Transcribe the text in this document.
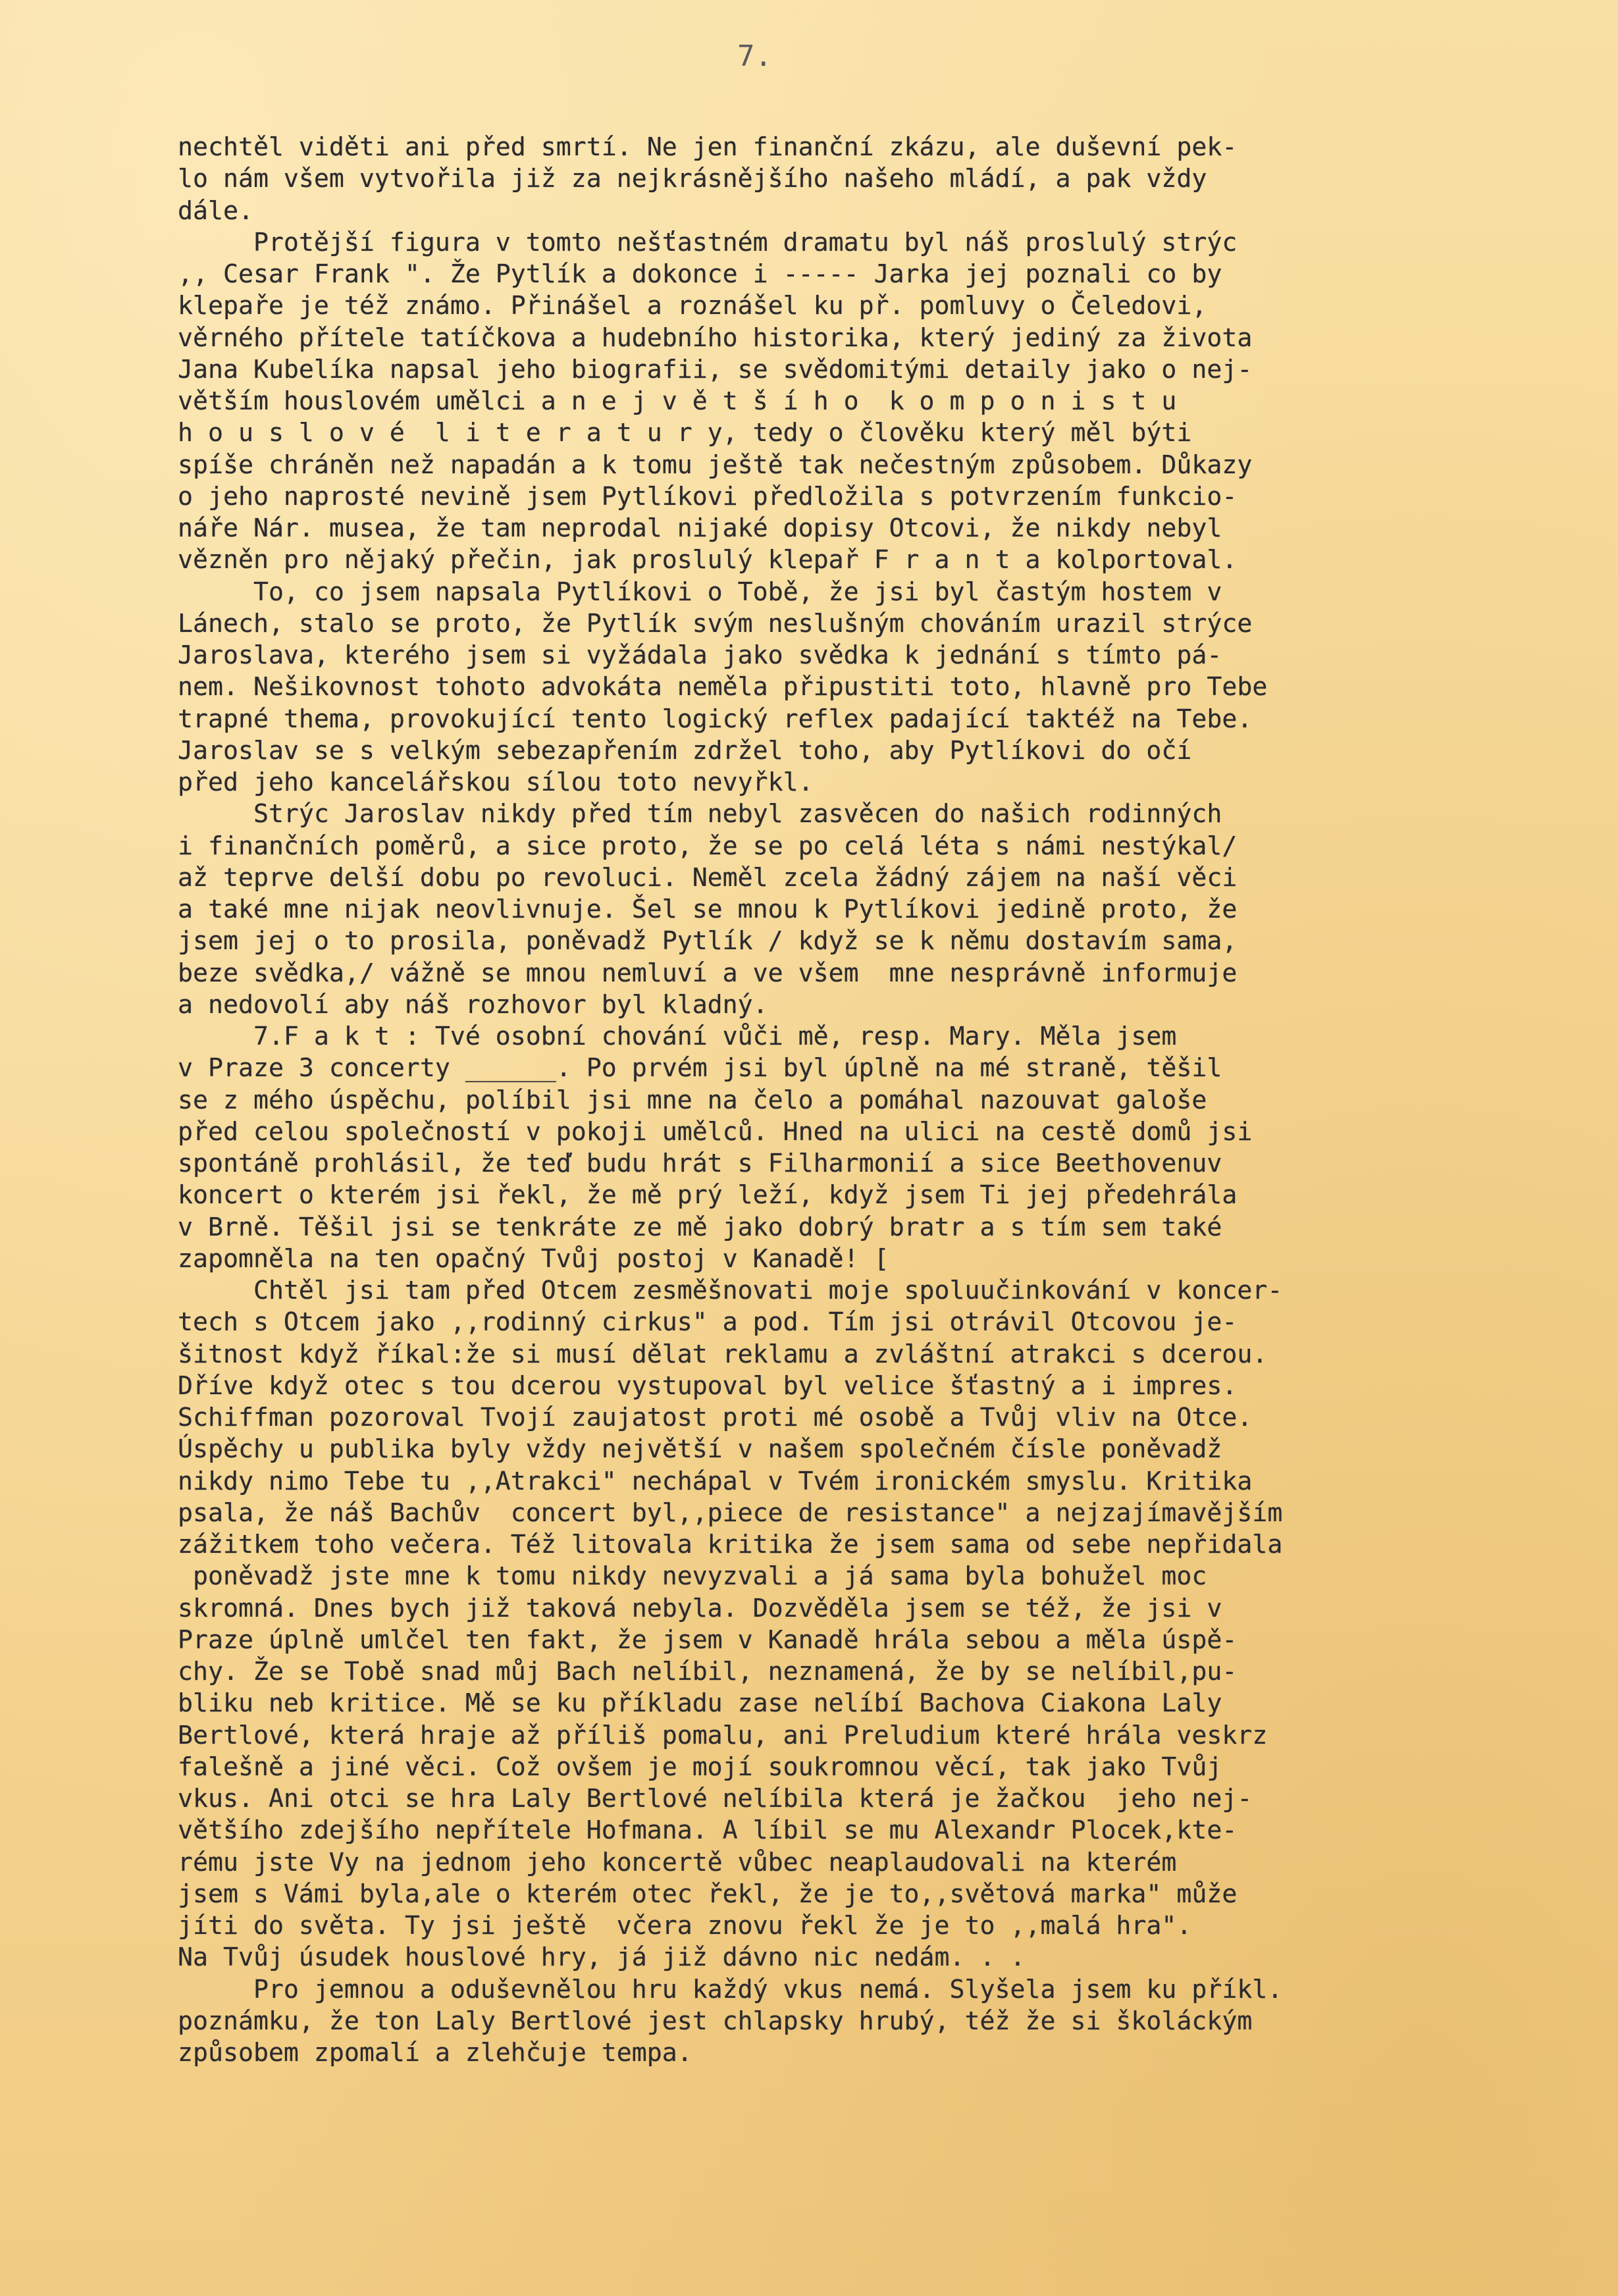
7.
nechtěl viděti ani před smrtí. Ne jen finanční zkázu, ale duševní pek-
lo nám všem vytvořila již za nejkrásnějšího našeho mládí, a pak vždy
dále.
Protější figura v tomto nešťastném dramatu byl náš proslulý strýc
,, Cesar Frank ". Že Pytlík a dokonce i ----- Jarka jej poznali co by
klepaře je též známo. Přinášel a roznášel ku př. pomluvy o Čeledovi,
věrného přítele tatíčkova a hudebního historika, který jediný za života
Jana Kubelíka napsal jeho biografii, se svědomitými detaily jako o nej-
větším houslovém umělci a n e j v ě t š í h o  k o m p o n i s t u
h o u s l o v é  l i t e r a t u r y, tedy o člověku který měl býti
spíše chráněn než napadán a k tomu ještě tak nečestným způsobem. Důkazy
o jeho naprosté nevině jsem Pytlíkovi předložila s potvrzením funkcio-
náře Nár. musea, že tam neprodal nijaké dopisy Otcovi, že nikdy nebyl
vězněn pro nějaký přečin, jak proslulý klepař F r a n t a kolportoval.
To, co jsem napsala Pytlíkovi o Tobě, že jsi byl častým hostem v
Lánech, stalo se proto, že Pytlík svým neslušným chováním urazil strýce
Jaroslava, kterého jsem si vyžádala jako svědka k jednání s tímto pá-
nem. Nešikovnost tohoto advokáta neměla připustiti toto, hlavně pro Tebe
trapné thema, provokující tento logický reflex padající taktéž na Tebe.
Jaroslav se s velkým sebezapřením zdržel toho, aby Pytlíkovi do očí
před jeho kancelářskou sílou toto nevyřkl.
Strýc Jaroslav nikdy před tím nebyl zasvěcen do našich rodinných
i finančních poměrů, a sice proto, že se po celá léta s námi nestýkal/
až teprve delší dobu po revoluci. Neměl zcela žádný zájem na naší věci
a také mne nijak neovlivnuje. Šel se mnou k Pytlíkovi jedině proto, že
jsem jej o to prosila, poněvadž Pytlík / když se k němu dostavím sama,
beze svědka,/ vážně se mnou nemluví a ve všem  mne nesprávně informuje
a nedovolí aby náš rozhovor byl kladný.
7.F a k t : Tvé osobní chování vůči mě, resp. Mary. Měla jsem
v Praze 3 concerty ______. Po prvém jsi byl úplně na mé straně, těšil
se z mého úspěchu, políbil jsi mne na čelo a pomáhal nazouvat galoše
před celou společností v pokoji umělců. Hned na ulici na cestě domů jsi
spontáně prohlásil, že teď budu hrát s Filharmonií a sice Beethovenuv
koncert o kterém jsi řekl, že mě prý leží, když jsem Ti jej předehrála
v Brně. Těšil jsi se tenkráte ze mě jako dobrý bratr a s tím sem také
zapomněla na ten opačný Tvůj postoj v Kanadě! [
Chtěl jsi tam před Otcem zesměšnovati moje spoluučinkování v koncer-
tech s Otcem jako ,,rodinný cirkus" a pod. Tím jsi otrávil Otcovou je-
šitnost když říkal:že si musí dělat reklamu a zvláštní atrakci s dcerou.
Dříve když otec s tou dcerou vystupoval byl velice šťastný a i impres.
Schiffman pozoroval Tvojí zaujatost proti mé osobě a Tvůj vliv na Otce.
Úspěchy u publika byly vždy největší v našem společném čísle poněvadž
nikdy nimo Tebe tu ,,Atrakci" nechápal v Tvém ironickém smyslu. Kritika
psala, že náš Bachův  concert byl,,piece de resistance" a nejzajímavějším
zážitkem toho večera. Též litovala kritika že jsem sama od sebe nepřidala
poněvadž jste mne k tomu nikdy nevyzvali a já sama byla bohužel moc
skromná. Dnes bych již taková nebyla. Dozvěděla jsem se též, že jsi v
Praze úplně umlčel ten fakt, že jsem v Kanadě hrála sebou a měla úspě-
chy. Že se Tobě snad můj Bach nelíbil, neznamená, že by se nelíbil,pu-
bliku neb kritice. Mě se ku příkladu zase nelíbí Bachova Ciakona Laly
Bertlové, která hraje až příliš pomalu, ani Preludium které hrála veskrz
falešně a jiné věci. Což ovšem je mojí soukromnou věcí, tak jako Tvůj
vkus. Ani otci se hra Laly Bertlové nelíbila která je žačkou  jeho nej-
většího zdejšího nepřítele Hofmana. A líbil se mu Alexandr Plocek,kte-
rému jste Vy na jednom jeho koncertě vůbec neaplaudovali na kterém
jsem s Vámi byla,ale o kterém otec řekl, že je to,,světová marka" může
jíti do světa. Ty jsi ještě  včera znovu řekl že je to ,,malá hra".
Na Tvůj úsudek houslové hry, já již dávno nic nedám. . .
Pro jemnou a oduševnělou hru každý vkus nemá. Slyšela jsem ku příkl.
poznámku, že ton Laly Bertlové jest chlapsky hrubý, též že si školáckým
způsobem zpomalí a zlehčuje tempa.
